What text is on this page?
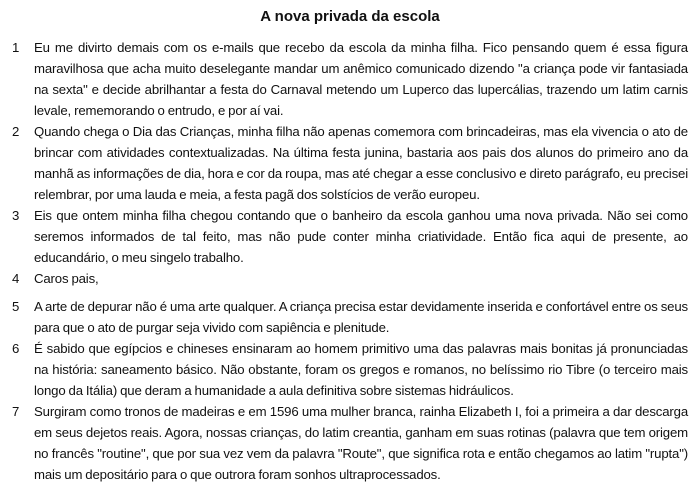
A nova privada da escola
1	Eu me divirto demais com os e-mails que recebo da escola da minha filha. Fico pensando quem é essa figura maravilhosa que acha muito deselegante mandar um anêmico comunicado dizendo "a criança pode vir fantasiada na sexta" e decide abrilhantar a festa do Carnaval metendo um Luperco das lupercálias, trazendo um latim carnis levale, rememorando o entrudo, e por aí vai.
2	Quando chega o Dia das Crianças, minha filha não apenas comemora com brincadeiras, mas ela vivencia o ato de brincar com atividades contextualizadas. Na última festa junina, bastaria aos pais dos alunos do primeiro ano da manhã as informações de dia, hora e cor da roupa, mas até chegar a esse conclusivo e direto parágrafo, eu precisei relembrar, por uma lauda e meia, a festa pagã dos solstícios de verão europeu.
3	Eis que ontem minha filha chegou contando que o banheiro da escola ganhou uma nova privada. Não sei como seremos informados de tal feito, mas não pude conter minha criatividade. Então fica aqui de presente, ao educandário, o meu singelo trabalho.
4	Caros pais,
5	A arte de depurar não é uma arte qualquer. A criança precisa estar devidamente inserida e confortável entre os seus para que o ato de purgar seja vivido com sapiência e plenitude.
6	É sabido que egípcios e chineses ensinaram ao homem primitivo uma das palavras mais bonitas já pronunciadas na história: saneamento básico. Não obstante, foram os gregos e romanos, no belíssimo rio Tibre (o terceiro mais longo da Itália) que deram a humanidade a aula definitiva sobre sistemas hidráulicos.
7	Surgiram como tronos de madeiras e em 1596 uma mulher branca, rainha Elizabeth I, foi a primeira a dar descarga em seus dejetos reais. Agora, nossas crianças, do latim creantia, ganham em suas rotinas (palavra que tem origem no francês "routine", que por sua vez vem da palavra "Route", que significa rota e então chegamos ao latim "rupta") mais um depositário para o que outrora foram sonhos ultraprocessados.
